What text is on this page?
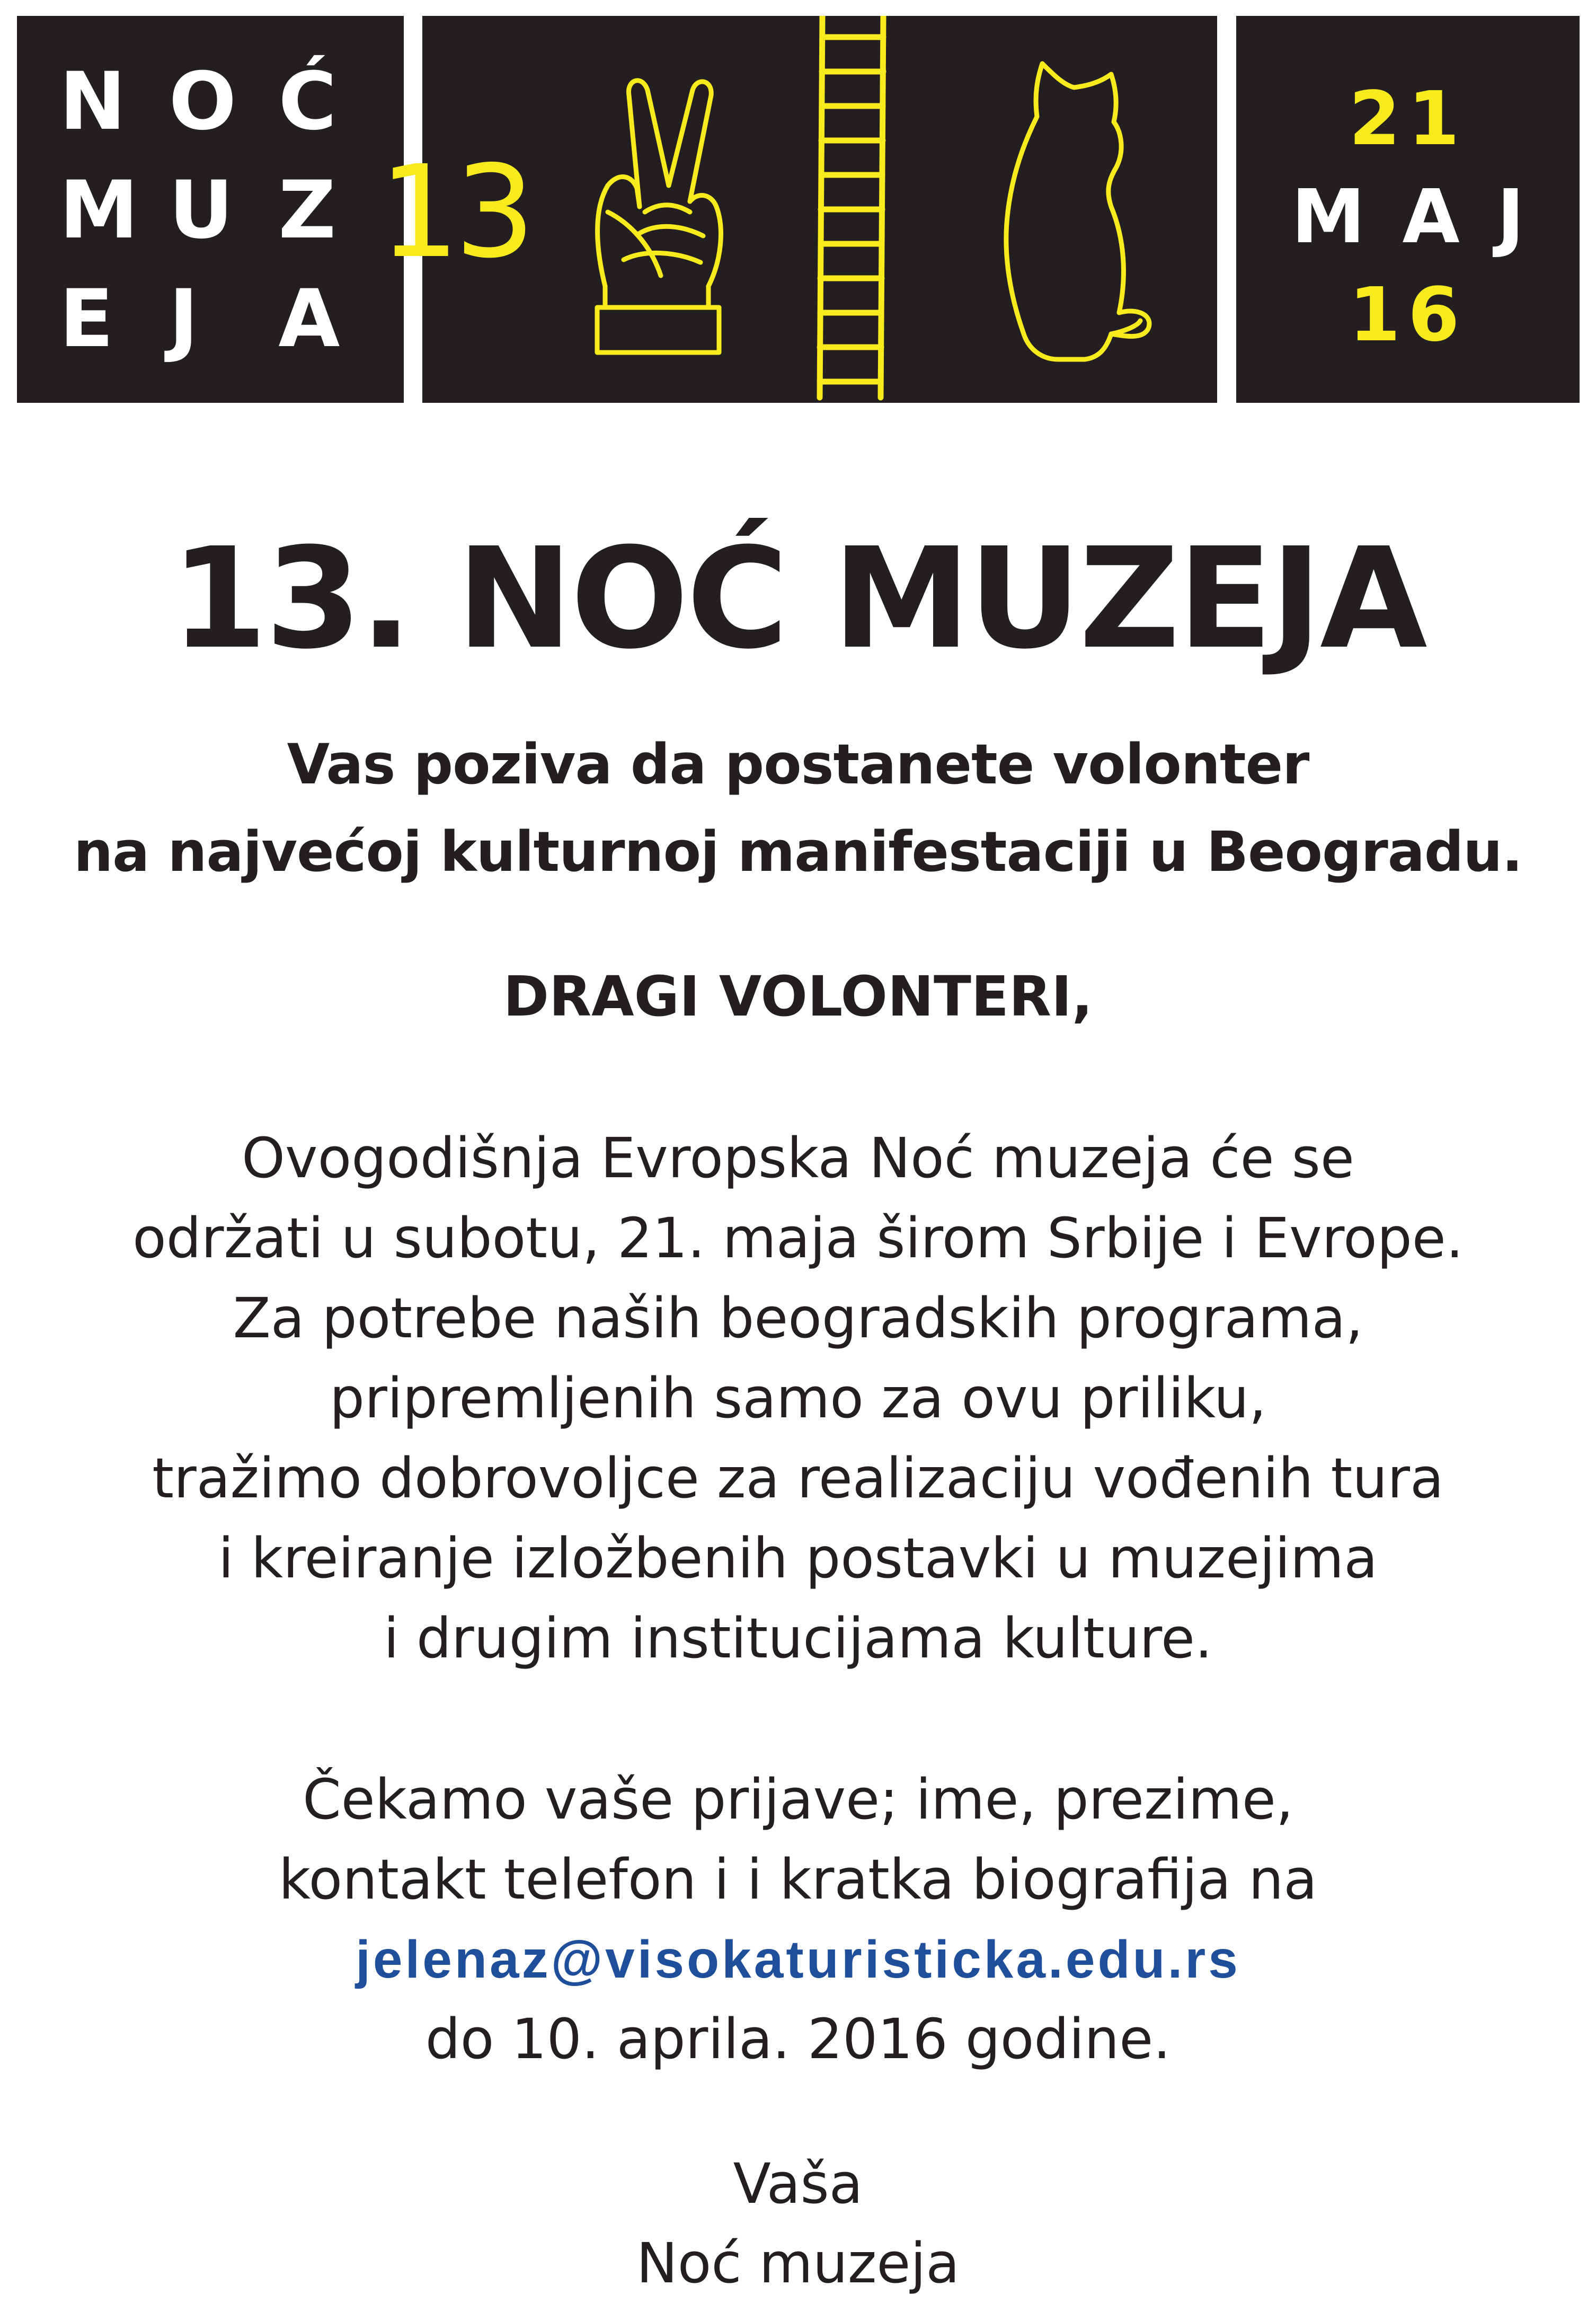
N O Ć
M U Z
E J	A
13
21
MAJ
16
13. NOĆ MUZEJA
Vas poziva da postanete volonter
na najvećoj kulturnoj manifestaciji u Beogradu.
DRAGI VOLONTERI,
Ovogodišnja Evropska Noć muzeja će se
održati u subotu, 21. maja širom Srbije i Evrope.
Za potrebe naših beogradskih programa,
pripremljenih samo za ovu priliku,
tražimo dobrovoljce za realizaciju vođenih tura
i kreiranje izložbenih postavki u muzejima
i drugim institucijama kulture.
Čekamo vaše prijave; ime, prezime,
kontakt telefon i i kratka biografija na
jelenaz@visokaturisticka.edu.rs
do 10. aprila. 2016 godine.
Vaša
Noć muzeja
